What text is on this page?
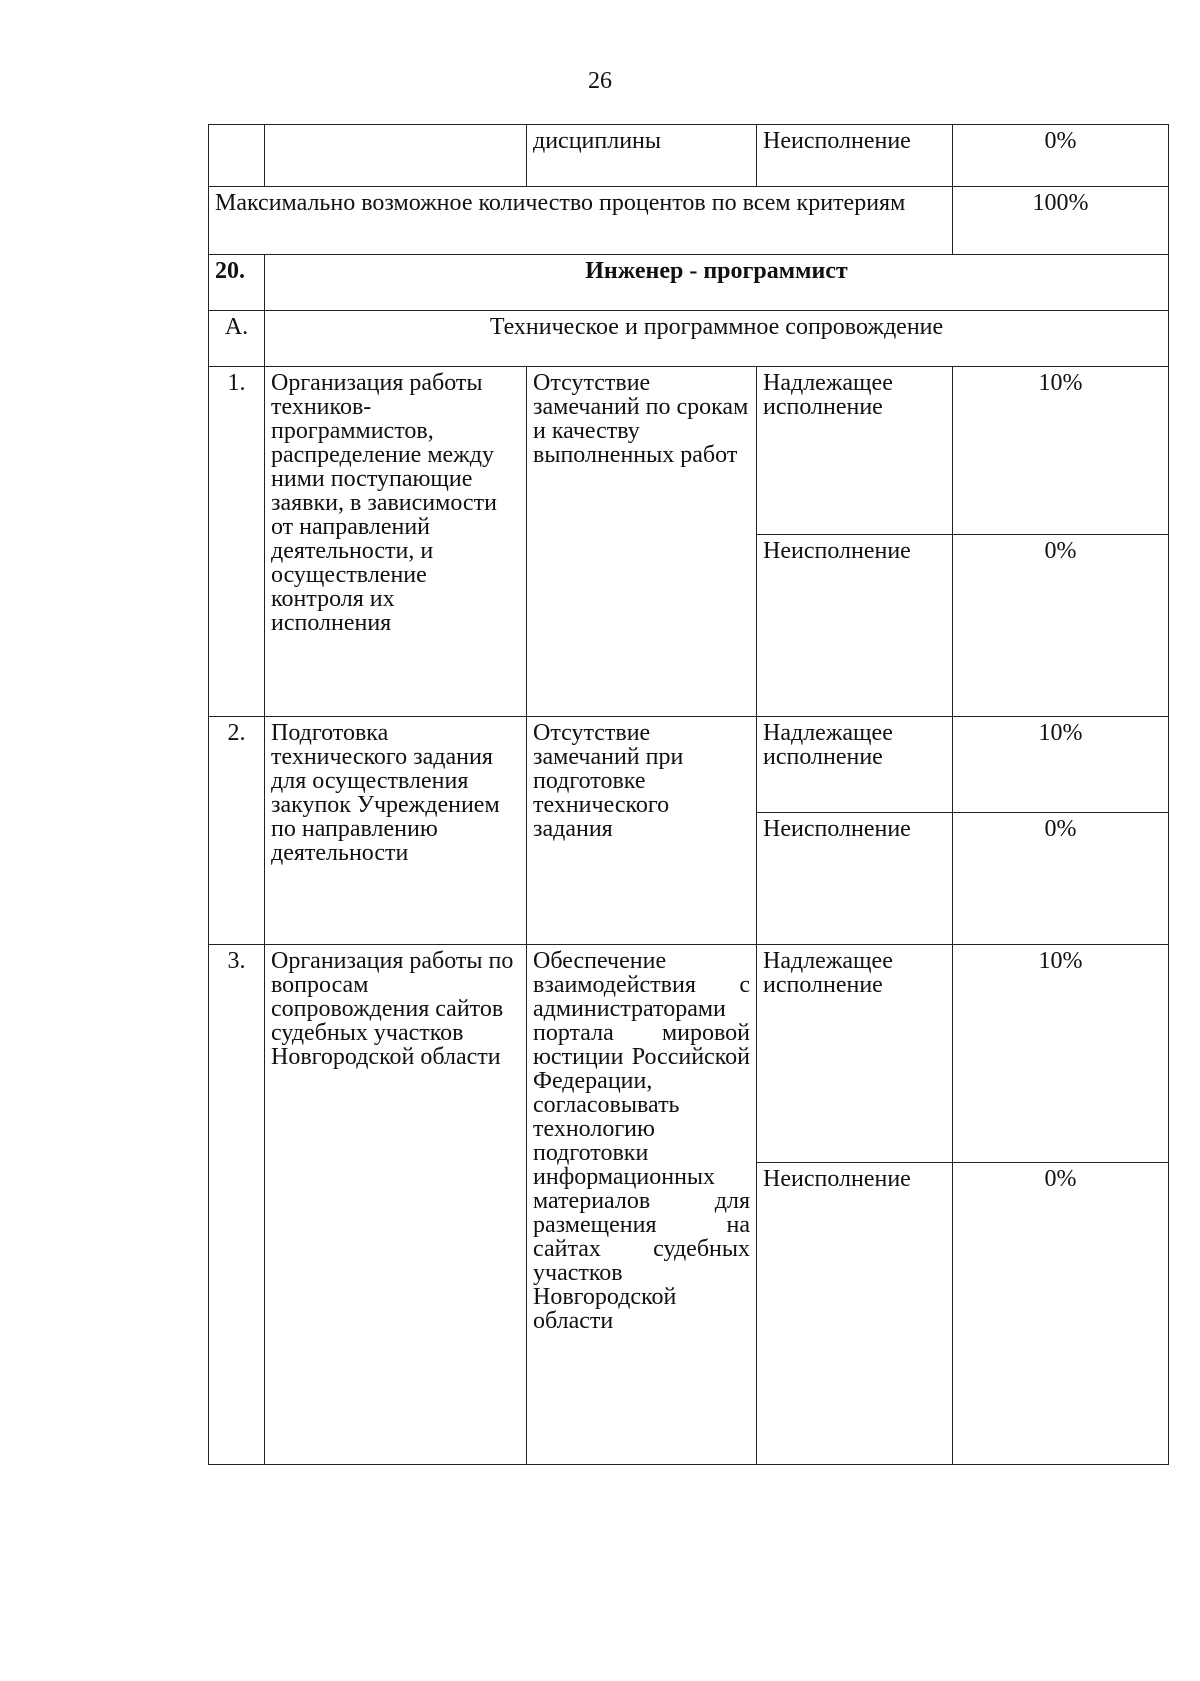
26
		дисциплины	Неисполнение	0%
Максимально возможное количество процентов по всем критериям				100%
20.	Инженер - программист			
А.	Техническое и программное сопровождение			
1.	Организация работы техников-программистов, распределение между ними поступающие заявки, в зависимости от направлений деятельности, и осуществление контроля их исполнения	Отсутствие замечаний по срокам и качеству выполненных работ	Надлежащее исполнение	10%
			Неисполнение	0%
2.	Подготовка технического задания для осуществления закупок Учреждением по направлению деятельности	Отсутствие замечаний при подготовке технического задания	Надлежащее исполнение	10%
			Неисполнение	0%
3.	Организация работы по вопросам сопровождения сайтов судебных участков Новгородской области	Обеспечение взаимодействия с администраторами портала мировой юстиции Российской Федерации, согласовывать технологию подготовки информационных материалов для размещения на сайтах судебных участков Новгородской области	Надлежащее исполнение	10%
			Неисполнение	0%
